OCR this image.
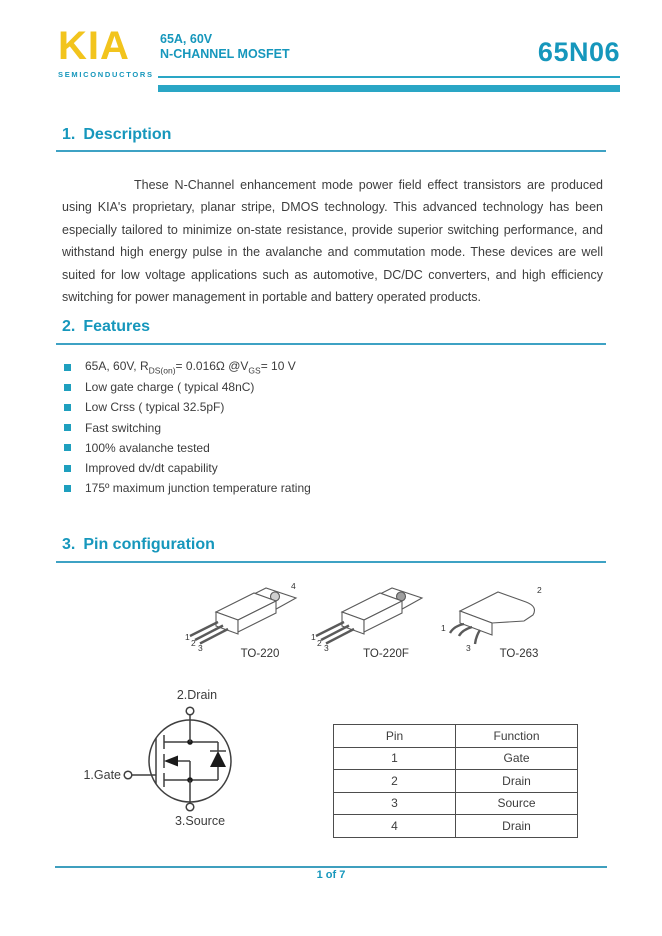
KIA
SEMICONDUCTORS
65A, 60V
N-CHANNEL MOSFET	65N06
1. Description

These N-Channel enhancement mode power field effect transistors are produced using KIA's proprietary, planar stripe, DMOS technology. This advanced technology has been especially tailored to minimize on-state resistance, provide superior switching performance, and withstand high energy pulse in the avalanche and commutation mode. These devices are well suited for low voltage applications such as automotive, DC/DC converters, and high efficiency switching for power management in portable and battery operated products.

2. Features
65A, 60V, $R_{DS(on)}= 0.016\Omega$ $@V_{GS}= 10$ V
Low gate charge ( typical 48nC)
Low Crss ( typical 32.5pF)
Fast switching
100% avalanche tested
Improved dv/dt capability
175º maximum junction temperature rating
3. Pin configuration
1
2 3
4
TO-220
1
2 3	TO-220F
1
3
2
TO-263
2.Drain
1.Gate
3.Source
Pin	Function
1	Gate
2	Drain
3	Source
4	Drain
1 of 7
